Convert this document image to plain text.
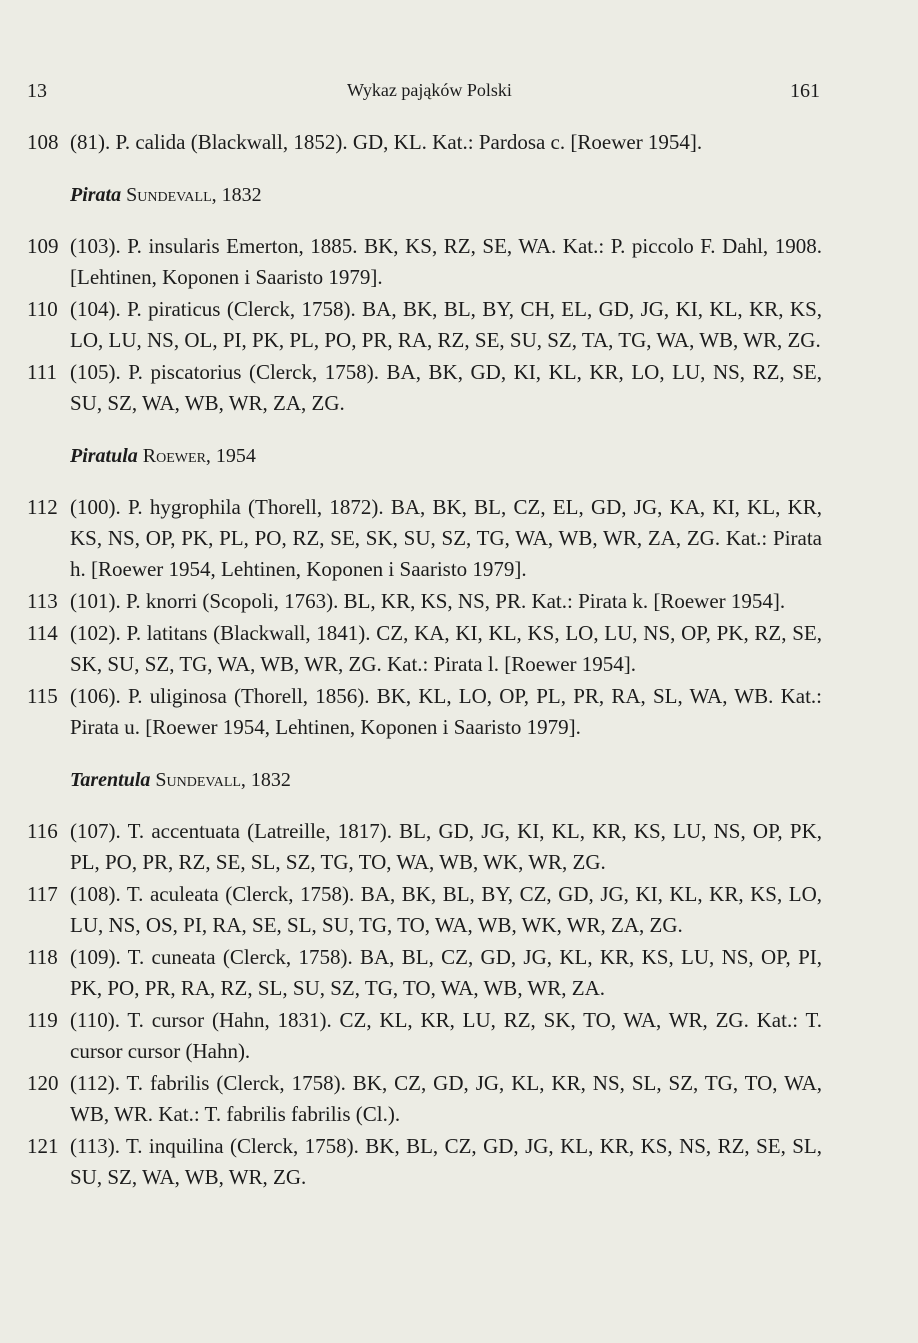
13	Wykaz pająków Polski	161
108 (81). P. calida (Blackwall, 1852). GD, KL. Kat.: Pardosa c. [Roewer 1954].
Pirata Sundevall, 1832
109 (103). P. insularis Emerton, 1885. BK, KS, RZ, SE, WA. Kat.: P. piccolo F. Dahl, 1908. [Lehtinen, Koponen i Saaristo 1979].
110 (104). P. piraticus (Clerck, 1758). BA, BK, BL, BY, CH, EL, GD, JG, KI, KL, KR, KS, LO, LU, NS, OL, PI, PK, PL, PO, PR, RA, RZ, SE, SU, SZ, TA, TG, WA, WB, WR, ZG.
111 (105). P. piscatorius (Clerck, 1758). BA, BK, GD, KI, KL, KR, LO, LU, NS, RZ, SE, SU, SZ, WA, WB, WR, ZA, ZG.
Piratula Roewer, 1954
112 (100). P. hygrophila (Thorell, 1872). BA, BK, BL, CZ, EL, GD, JG, KA, KI, KL, KR, KS, NS, OP, PK, PL, PO, RZ, SE, SK, SU, SZ, TG, WA, WB, WR, ZA, ZG. Kat.: Pirata h. [Roewer 1954, Lehtinen, Koponen i Saaristo 1979].
113 (101). P. knorri (Scopoli, 1763). BL, KR, KS, NS, PR. Kat.: Pirata k. [Roewer 1954].
114 (102). P. latitans (Blackwall, 1841). CZ, KA, KI, KL, KS, LO, LU, NS, OP, PK, RZ, SE, SK, SU, SZ, TG, WA, WB, WR, ZG. Kat.: Pirata l. [Roewer 1954].
115 (106). P. uliginosa (Thorell, 1856). BK, KL, LO, OP, PL, PR, RA, SL, WA, WB. Kat.: Pirata u. [Roewer 1954, Lehtinen, Koponen i Saaristo 1979].
Tarentula Sundevall, 1832
116 (107). T. accentuata (Latreille, 1817). BL, GD, JG, KI, KL, KR, KS, LU, NS, OP, PK, PL, PO, PR, RZ, SE, SL, SZ, TG, TO, WA, WB, WK, WR, ZG.
117 (108). T. aculeata (Clerck, 1758). BA, BK, BL, BY, CZ, GD, JG, KI, KL, KR, KS, LO, LU, NS, OS, PI, RA, SE, SL, SU, TG, TO, WA, WB, WK, WR, ZA, ZG.
118 (109). T. cuneata (Clerck, 1758). BA, BL, CZ, GD, JG, KL, KR, KS, LU, NS, OP, PI, PK, PO, PR, RA, RZ, SL, SU, SZ, TG, TO, WA, WB, WR, ZA.
119 (110). T. cursor (Hahn, 1831). CZ, KL, KR, LU, RZ, SK, TO, WA, WR, ZG. Kat.: T. cursor cursor (Hahn).
120 (112). T. fabrilis (Clerck, 1758). BK, CZ, GD, JG, KL, KR, NS, SL, SZ, TG, TO, WA, WB, WR. Kat.: T. fabrilis fabrilis (Cl.).
121 (113). T. inquilina (Clerck, 1758). BK, BL, CZ, GD, JG, KL, KR, KS, NS, RZ, SE, SL, SU, SZ, WA, WB, WR, ZG.
